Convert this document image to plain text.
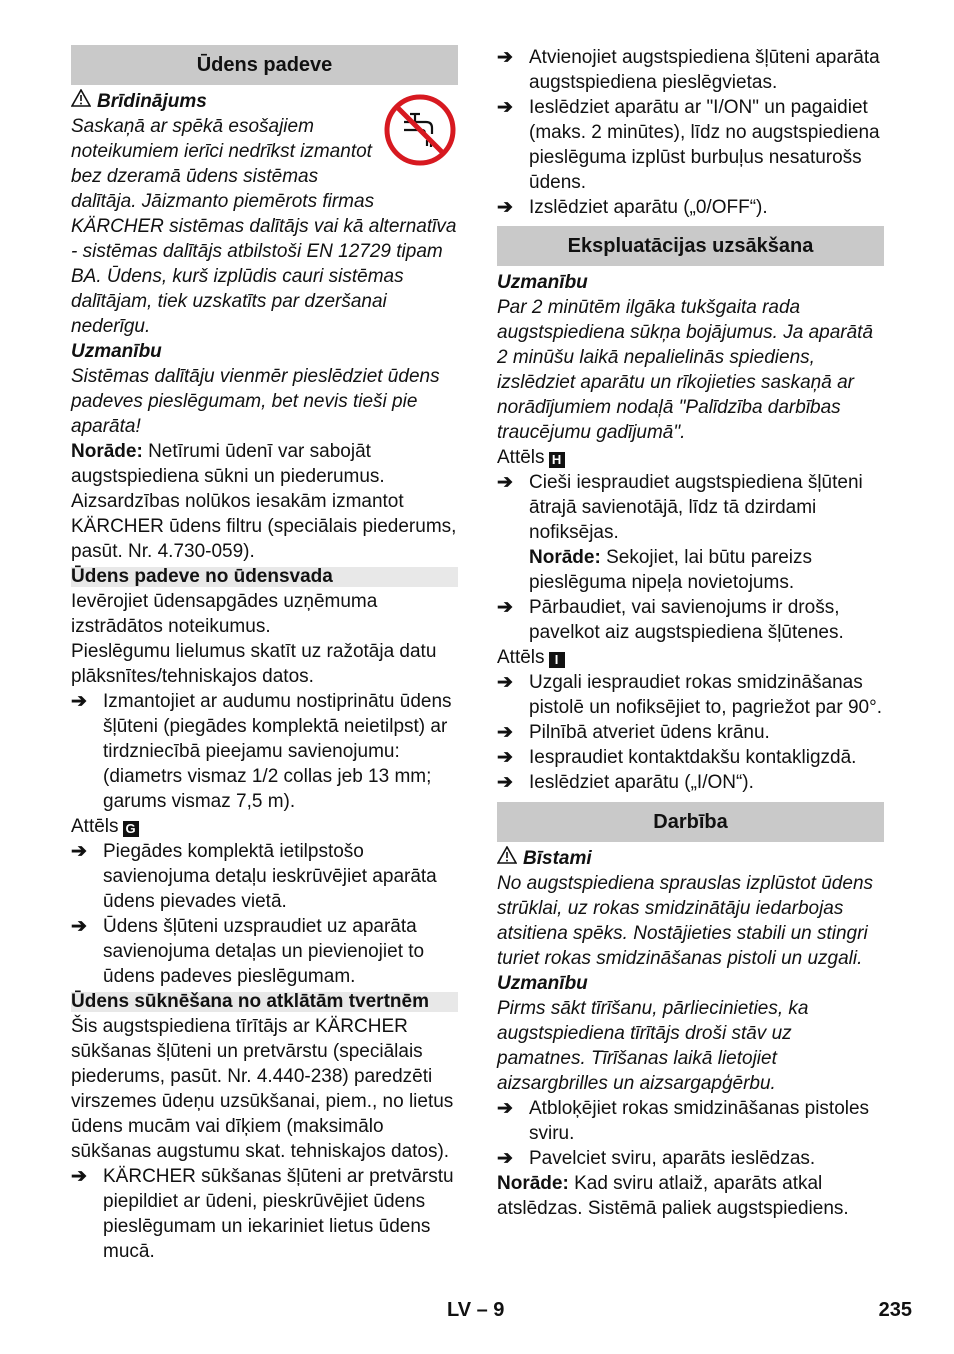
Ūdens padeve

Brīdinājums

Saskaņā ar spēkā esošajiem noteikumiem ierīci nedrīkst izmantot bez dzeramā ūdens sistēmas dalītāja. Jāizmanto piemērots firmas KÄRCHER sistēmas dalītājs vai kā alternatīva - sistēmas dalītājs atbilstoši EN 12729 tipam BA. Ūdens, kurš izplūdis cauri sistēmas dalītājam, tiek uzskatīts par dzeršanai nederīgu.

Uzmanību

Sistēmas dalītāju vienmēr pieslēdziet ūdens padeves pieslēgumam, bet nevis tieši pie aparāta!

Norāde: Netīrumi ūdenī var sabojāt augstspiediena sūkni un piederumus. Aizsardzības nolūkos iesakām izmantot KÄRCHER ūdens filtru (speciālais piederums, pasūt. Nr. 4.730-059).

Ūdens padeve no ūdensvada

Ievērojiet ūdensapgādes uzņēmuma izstrādātos noteikumus.

Pieslēgumu lielumus skatīt uz ražotāja datu plāksnītes/tehniskajos datos.

➔ Izmantojiet ar audumu nostiprinātu ūdens šļūteni (piegādes komplektā neietilpst) ar tirdzniecībā pieejamu savienojumu: (diametrs vismaz 1/2 collas jeb 13 mm; garums vismaz 7,5 m).

Attēls G

➔ Piegādes komplektā ietilpstošo savienojuma detaļu ieskrūvējiet aparāta ūdens pievades vietā.
➔ Ūdens šļūteni uzspraudiet uz aparāta savienojuma detaļas un pievienojiet to ūdens padeves pieslēgumam.
Ūdens sūknēšana no atklātām tvertnēm

Šis augstspiediena tīrītājs ar KÄRCHER sūkšanas šļūteni un pretvārstu (speciālais piederums, pasūt. Nr. 4.440-238) paredzēti virszemes ūdeņu uzsūkšanai, piem., no lietus ūdens mucām vai dīķiem (maksimālo sūkšanas augstumu skat. tehniskajos datos).

➔ KÄRCHER sūkšanas šļūteni ar pretvārstu piepildiet ar ūdeni, pieskrūvējiet ūdens pieslēgumam un iekariniet lietus ūdens mucā.
➔ Atvienojiet augstspiediena šļūteni aparāta augstspiediena pieslēgvietas.
➔ Ieslēdziet aparātu ar "I/ON" un pagaidiet (maks. 2 minūtes), līdz no augstspiediena pieslēguma izplūst burbuļus nesaturošs ūdens.
➔ Izslēdziet aparātu („0/OFF“).
Ekspluatācijas uzsākšana

Uzmanību

Par 2 minūtēm ilgāka tukšgaita rada augstspiediena sūkņa bojājumus. Ja aparātā 2 minūšu laikā nepalielinās spiediens, izslēdziet aparātu un rīkojieties saskaņā ar norādījumiem nodaļā "Palīdzība darbības traucējumu gadījumā".

Attēls H

➔ Cieši iespraudiet augstspiediena šļūteni ātrajā savienotājā, līdz tā dzirdami nofiksējas.
Norāde: Sekojiet, lai būtu pareizs pieslēguma nipeļa novietojums.
➔ Pārbaudiet, vai savienojums ir drošs, pavelkot aiz augstspiediena šļūtenes.

Attēls I

➔ Uzgali iespraudiet rokas smidzināšanas pistolē un nofiksējiet to, pagriežot par 90°.
➔ Pilnībā atveriet ūdens krānu.
➔ Iespraudiet kontaktdakšu kontakligzdā.
➔ Ieslēdziet aparātu („I/ON“).
Darbība

Bīstami

No augstspiediena sprauslas izplūstot ūdens strūklai, uz rokas smidzinātāju iedarbojas atsitiena spēks. Nostājieties stabili un stingri turiet rokas smidzināšanas pistoli un uzgali.

Uzmanību

Pirms sākt tīrīšanu, pārliecinieties, ka augstspiediena tīrītājs droši stāv uz pamatnes. Tīrīšanas laikā lietojiet aizsargbrilles un aizsargapģērbu.

➔ Atbloķējiet rokas smidzināšanas pistoles sviru.
➔ Pavelciet sviru, aparāts ieslēdzas.

Norāde: Kad sviru atlaiž, aparāts atkal atslēdzas. Sistēmā paliek augstspiediens.

LV – 9	235
